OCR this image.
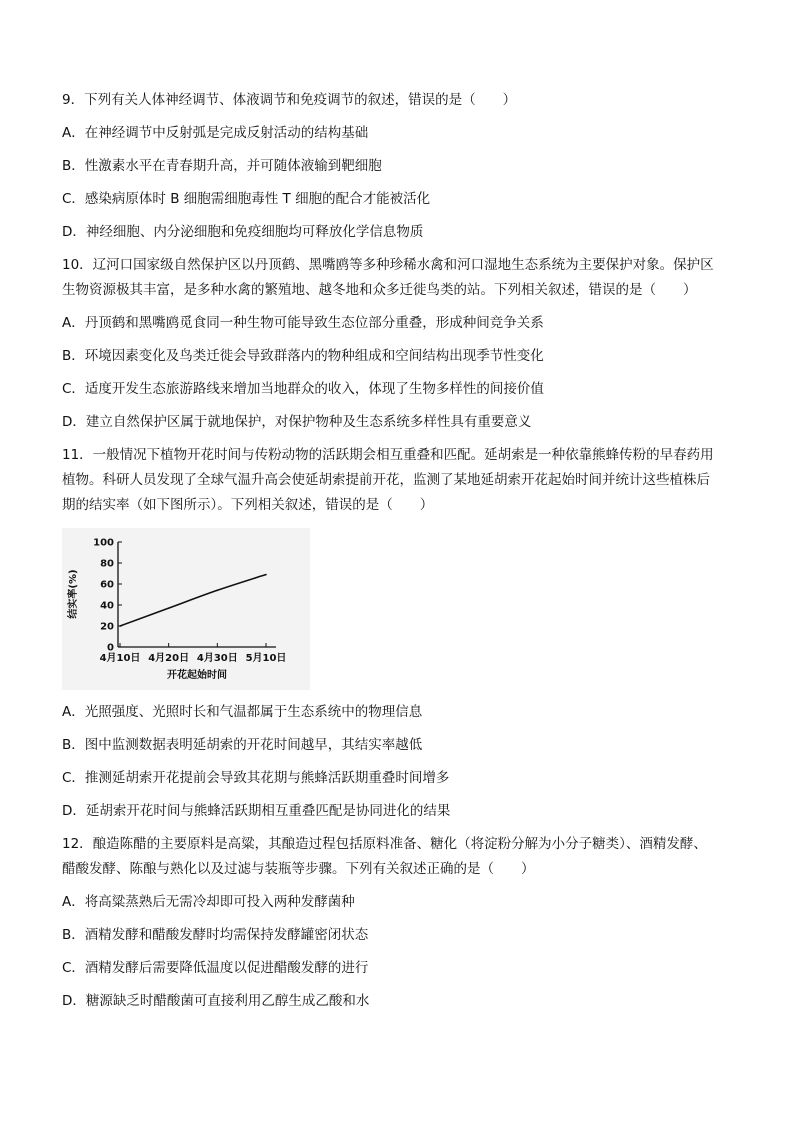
9．下列有关人体神经调节、体液调节和免疫调节的叙述，错误的是（　　）
A．在神经调节中反射弧是完成反射活动的结构基础
B．性激素水平在青春期升高，并可随体液输到靶细胞
C．感染病原体时 B 细胞需细胞毒性 T 细胞的配合才能被活化
D．神经细胞、内分泌细胞和免疫细胞均可释放化学信息物质
10．辽河口国家级自然保护区以丹顶鹤、黑嘴鸥等多种珍稀水禽和河口湿地生态系统为主要保护对象。保护区
生物资源极其丰富，是多种水禽的繁殖地、越冬地和众多迁徙鸟类的站。下列相关叙述，错误的是（　　）
A．丹顶鹤和黑嘴鸥觅食同一种生物可能导致生态位部分重叠，形成种间竞争关系
B．环境因素变化及鸟类迁徙会导致群落内的物种组成和空间结构出现季节性变化
C．适度开发生态旅游路线来增加当地群众的收入，体现了生物多样性的间接价值
D．建立自然保护区属于就地保护，对保护物种及生态系统多样性具有重要意义
11．一般情况下植物开花时间与传粉动物的活跃期会相互重叠和匹配。延胡索是一种依靠熊蜂传粉的早春药用
植物。科研人员发现了全球气温升高会使延胡索提前开花，监测了某地延胡索开花起始时间并统计这些植株后
期的结实率（如下图所示）。下列相关叙述，错误的是（　　）
0
20
40
60
80
100
4月10日 4月20日 4月30日 5月10日
结实率(%)
开花起始时间
A．光照强度、光照时长和气温都属于生态系统中的物理信息
B．图中监测数据表明延胡索的开花时间越早，其结实率越低
C．推测延胡索开花提前会导致其花期与熊蜂活跃期重叠时间增多
D．延胡索开花时间与熊蜂活跃期相互重叠匹配是协同进化的结果
12．酿造陈醋的主要原料是高粱，其酿造过程包括原料准备、糖化（将淀粉分解为小分子糖类）、酒精发酵、
醋酸发酵、陈酿与熟化以及过滤与装瓶等步骤。下列有关叙述正确的是（　　）
A．将高粱蒸熟后无需冷却即可投入两种发酵菌种
B．酒精发酵和醋酸发酵时均需保持发酵罐密闭状态
C．酒精发酵后需要降低温度以促进醋酸发酵的进行
D．糖源缺乏时醋酸菌可直接利用乙醇生成乙酸和水
